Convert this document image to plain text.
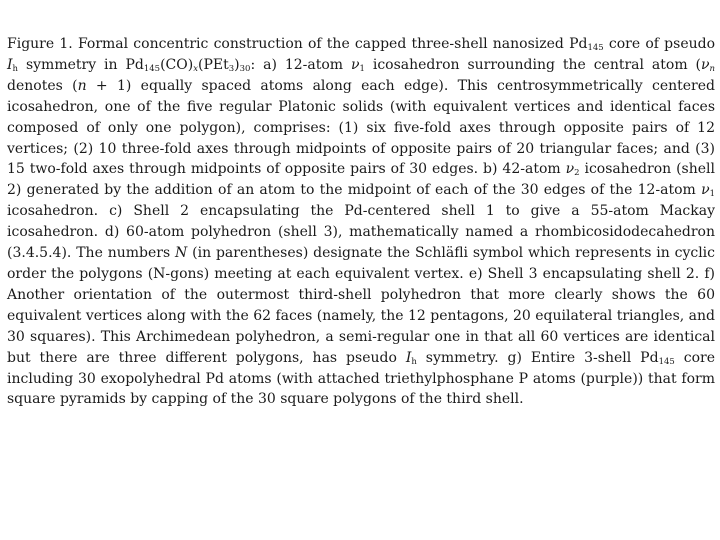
Figure 1. Formal concentric construction of the capped three-shell nanosized $Pd_{145}$ core of pseudo $I_h$ symmetry in $Pd_{145}(CO)_x(PEt_3)_{30}$: a) 12-atom $\nu_1$ icosahedron surrounding the central atom ($\nu_n$ denotes (n + 1) equally spaced atoms along each edge). This centrosymmetrically centered icosahedron, one of the five regular Platonic solids (with equivalent vertices and identical faces composed of only one polygon), comprises: (1) six five-fold axes through opposite pairs of 12 vertices; (2) 10 three-fold axes through midpoints of opposite pairs of 20 triangular faces; and (3) 15 two-fold axes through midpoints of opposite pairs of 30 edges. b) 42-atom $\nu_2$ icosahedron (shell 2) generated by the addition of an atom to the midpoint of each of the 30 edges of the 12-atom $\nu_1$ icosahedron. c) Shell 2 encapsulating the Pd-centered shell 1 to give a 55-atom Mackay icosahedron. d) 60-atom polyhedron (shell 3), mathematically named a rhombicosidodecahedron (3.4.5.4). The numbers N (in parentheses) designate the Schläfli symbol which represents in cyclic order the polygons (N-gons) meeting at each equivalent vertex. e) Shell 3 encapsulating shell 2. f) Another orientation of the outermost third-shell polyhedron that more clearly shows the 60 equivalent vertices along with the 62 faces (namely, the 12 pentagons, 20 equilateral triangles, and 30 squares). This Archimedean polyhedron, a semi-regular one in that all 60 vertices are identical but there are three different polygons, has pseudo $I_h$ symmetry. g) Entire 3-shell $Pd_{145}$ core including 30 exopolyhedral Pd atoms (with attached triethylphosphane P atoms (purple)) that form square pyramids by capping of the 30 square polygons of the third shell.
